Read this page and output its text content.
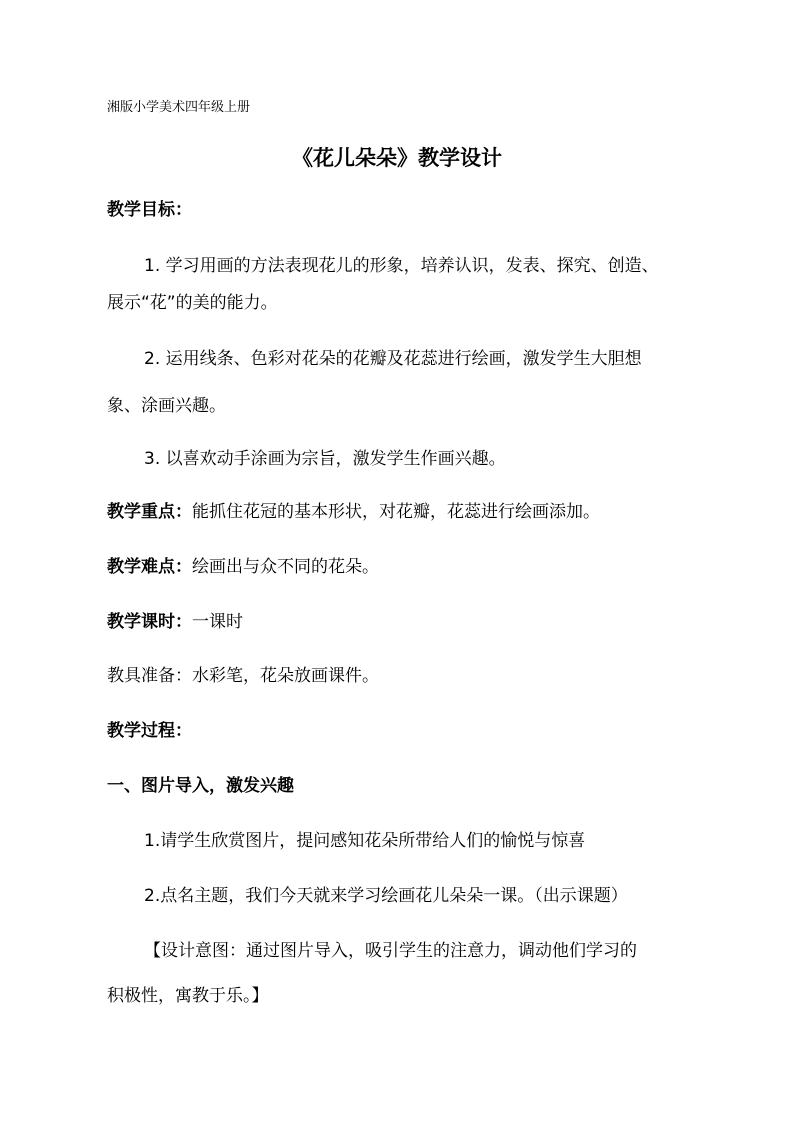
湘版小学美术四年级上册
《花儿朵朵》教学设计
教学目标：
1. 学习用画的方法表现花儿的形象，培养认识，发表、探究、创造、
展示“花”的美的能力。
2. 运用线条、色彩对花朵的花瓣及花蕊进行绘画，激发学生大胆想
象、涂画兴趣。
3. 以喜欢动手涂画为宗旨，激发学生作画兴趣。
教学重点：能抓住花冠的基本形状，对花瓣，花蕊进行绘画添加。
教学难点：绘画出与众不同的花朵。
教学课时：一课时
教具准备：水彩笔，花朵放画课件。
教学过程：
一、图片导入，激发兴趣
1.请学生欣赏图片，提问感知花朵所带给人们的愉悦与惊喜
2.点名主题，我们今天就来学习绘画花儿朵朵一课。（出示课题）
【设计意图：通过图片导入，吸引学生的注意力，调动他们学习的
积极性，寓教于乐。】
